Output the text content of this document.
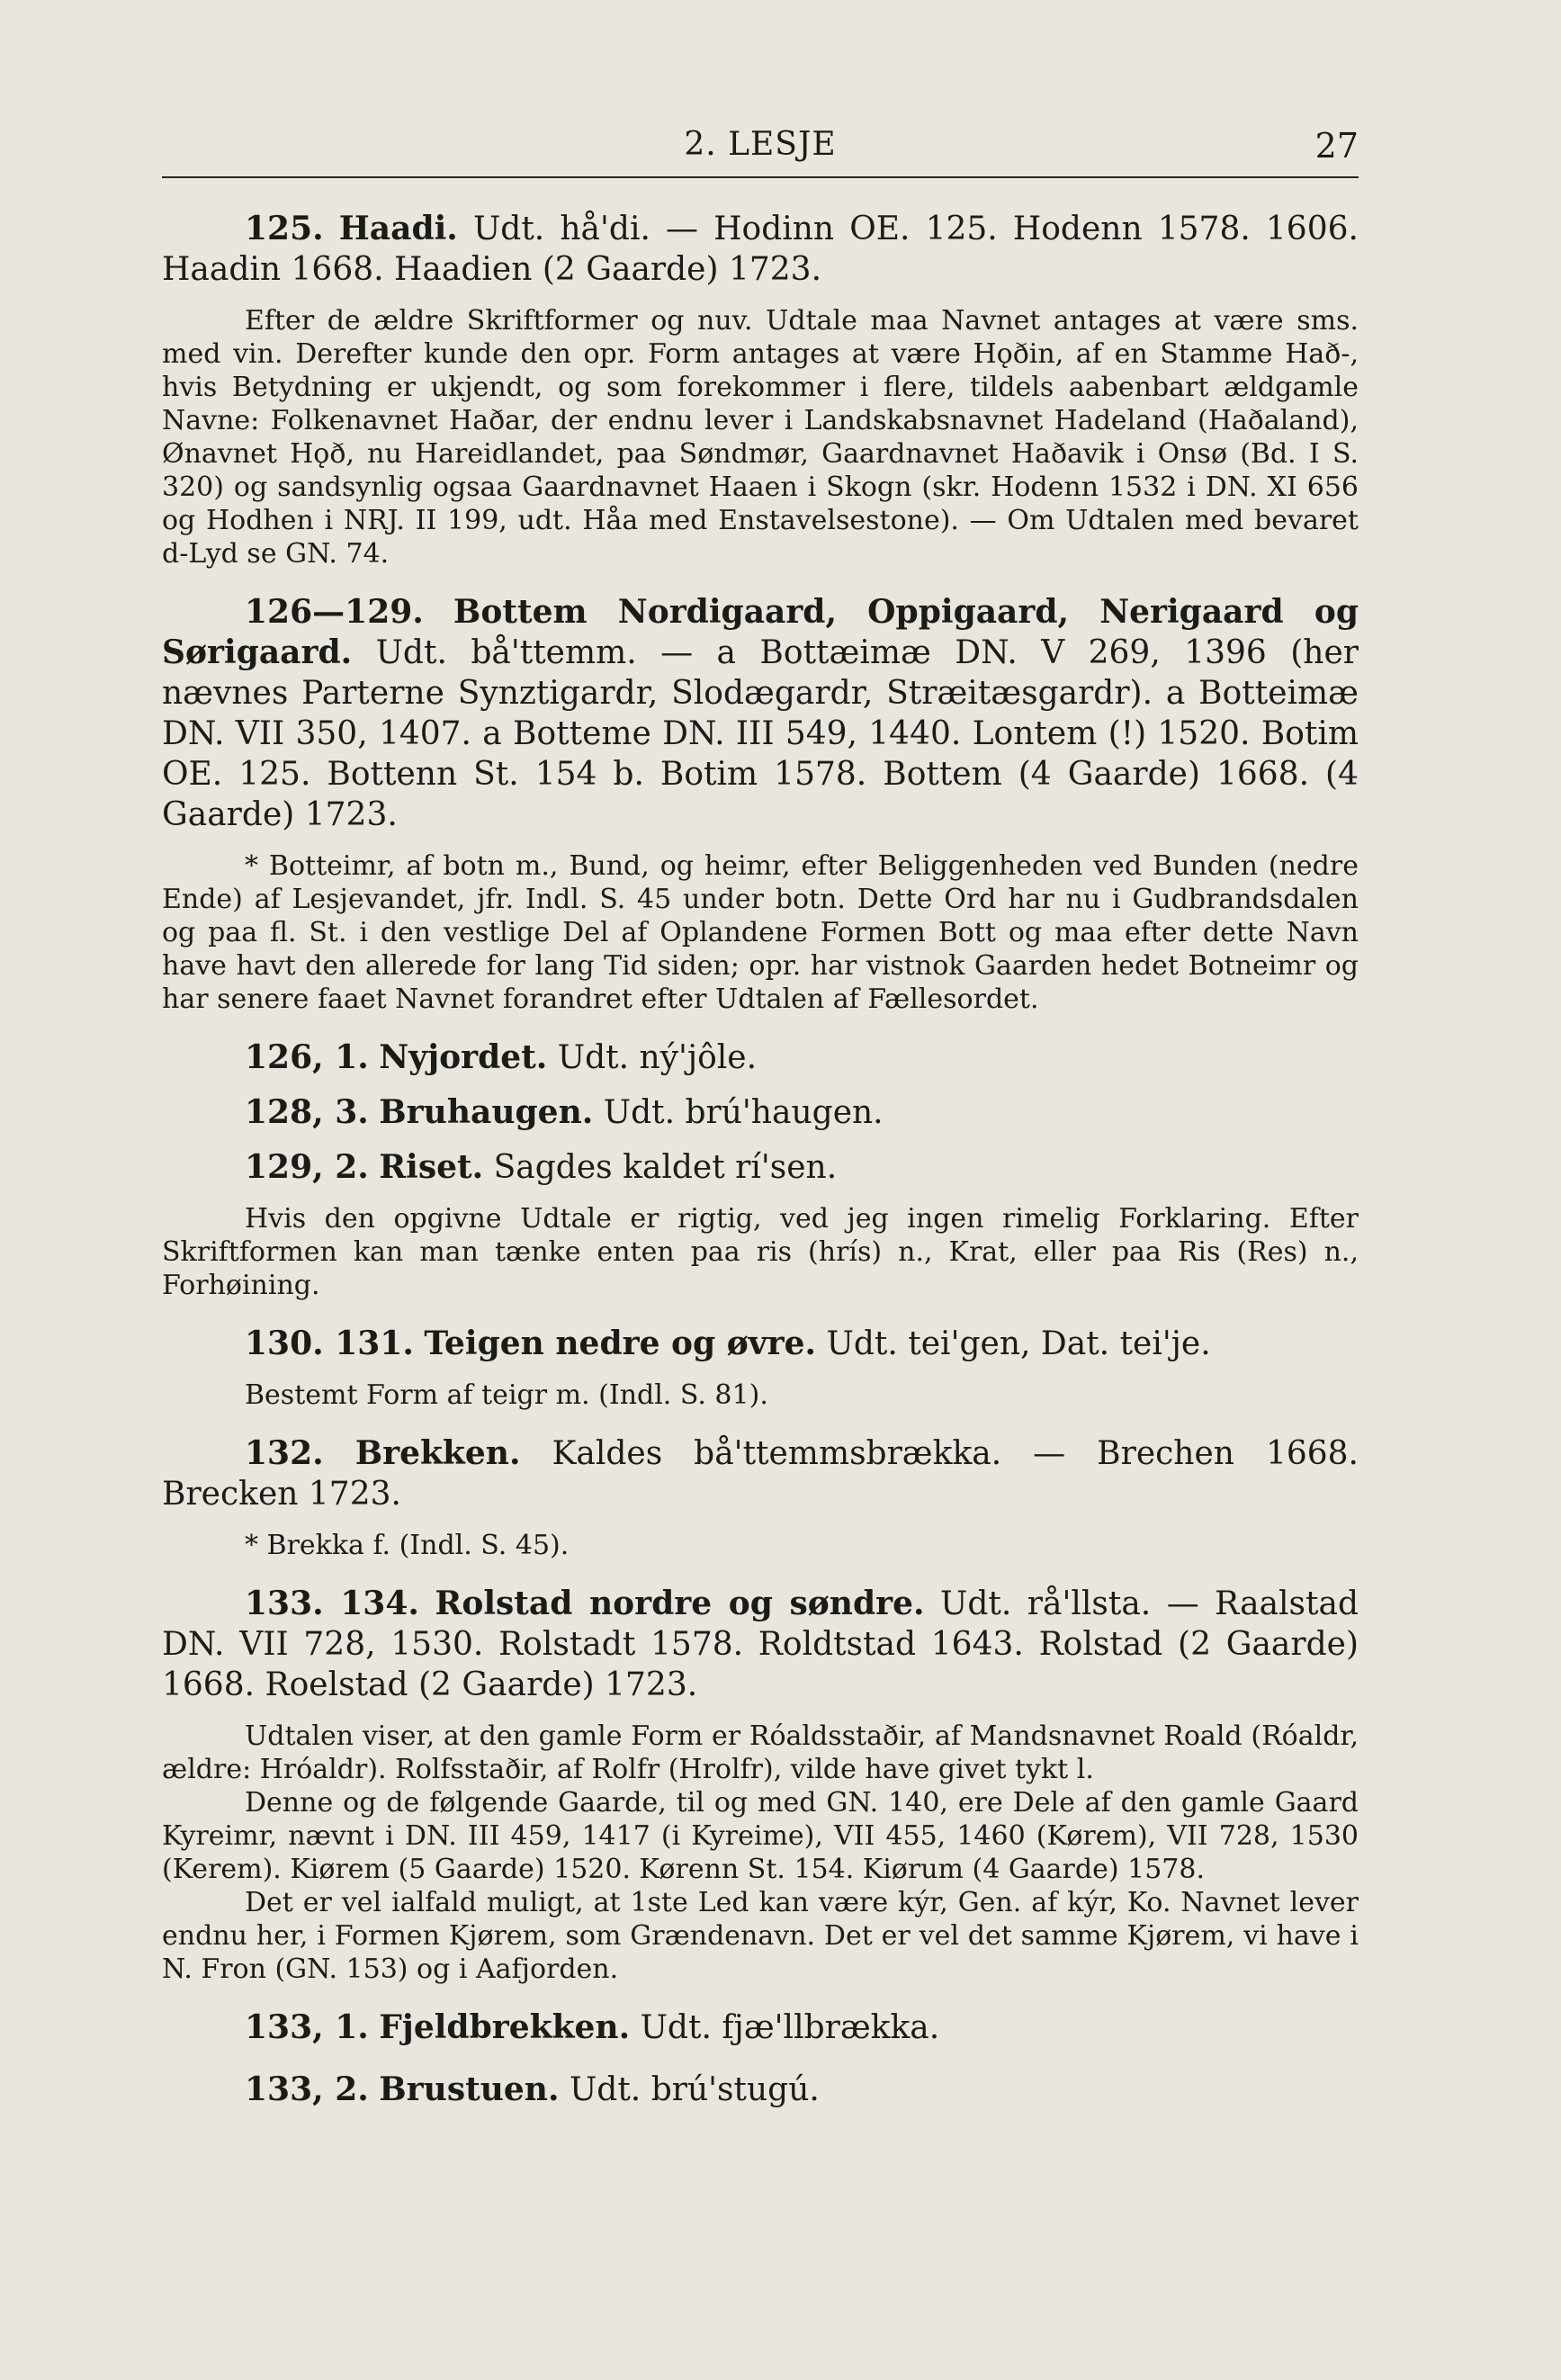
2. LESJE	27

125. Haadi. Udt. hå'di. — Hodinn OE. 125. Hodenn 1578. 1606. Haadin 1668. Haadien (2 Gaarde) 1723.

Efter de ældre Skriftformer og nuv. Udtale maa Navnet antages at være sms. med vin. Derefter kunde den opr. Form antages at være Hǫðin, af en Stamme Hað-, hvis Betydning er ukjendt, og som forekommer i flere, tildels aabenbart ældgamle Navne: Folkenavnet Haðar, der endnu lever i Landskabsnavnet Hadeland (Haðaland), Ønavnet Hǫð, nu Hareidlandet, paa Søndmør, Gaardnavnet Haðavik i Onsø (Bd. I S. 320) og sandsynlig ogsaa Gaardnavnet Haaen i Skogn (skr. Hodenn 1532 i DN. XI 656 og Hodhen i NRJ. II 199, udt. Håa med Enstavelsestone). — Om Udtalen med bevaret d-Lyd se GN. 74.

126—129. Bottem Nordigaard, Oppigaard, Nerigaard og Sørigaard. Udt. bå'ttemm. — a Bottæimæ DN. V 269, 1396 (her nævnes Parterne Synztigardr, Slodægardr, Stræitæsgardr). a Botteimæ DN. VII 350, 1407. a Botteme DN. III 549, 1440. Lontem (!) 1520. Botim OE. 125. Bottenn St. 154 b. Botim 1578. Bottem (4 Gaarde) 1668. (4 Gaarde) 1723.

* Botteimr, af botn m., Bund, og heimr, efter Beliggenheden ved Bunden (nedre Ende) af Lesjevandet, jfr. Indl. S. 45 under botn. Dette Ord har nu i Gudbrandsdalen og paa fl. St. i den vestlige Del af Oplandene Formen Bott og maa efter dette Navn have havt den allerede for lang Tid siden; opr. har vistnok Gaarden hedet Botneimr og har senere faaet Navnet forandret efter Udtalen af Fællesordet.

126, 1. Nyjordet. Udt. ný'jôle.

128, 3. Bruhaugen. Udt. brú'haugen.

129, 2. Riset. Sagdes kaldet rí'sen.

Hvis den opgivne Udtale er rigtig, ved jeg ingen rimelig Forklaring. Efter Skriftformen kan man tænke enten paa ris (hrís) n., Krat, eller paa Ris (Res) n., Forhøining.

130. 131. Teigen nedre og øvre. Udt. tei'gen, Dat. tei'je.

Bestemt Form af teigr m. (Indl. S. 81).

132. Brekken. Kaldes bå'ttemmsbrækka. — Brechen 1668. Brecken 1723.

* Brekka f. (Indl. S. 45).

133. 134. Rolstad nordre og søndre. Udt. rå'llsta. — Raalstad DN. VII 728, 1530. Rolstadt 1578. Roldtstad 1643. Rolstad (2 Gaarde) 1668. Roelstad (2 Gaarde) 1723.

Udtalen viser, at den gamle Form er Róaldsstaðir, af Mandsnavnet Roald (Róaldr, ældre: Hróaldr). Rolfsstaðir, af Rolfr (Hrolfr), vilde have givet tykt l.

Denne og de følgende Gaarde, til og med GN. 140, ere Dele af den gamle Gaard Kyreimr, nævnt i DN. III 459, 1417 (i Kyreime), VII 455, 1460 (Kørem), VII 728, 1530 (Kerem). Kiørem (5 Gaarde) 1520. Kørenn St. 154. Kiørum (4 Gaarde) 1578.

Det er vel ialfald muligt, at 1ste Led kan være kýr, Gen. af kýr, Ko. Navnet lever endnu her, i Formen Kjørem, som Grændenavn. Det er vel det samme Kjørem, vi have i N. Fron (GN. 153) og i Aafjorden.

133, 1. Fjeldbrekken. Udt. fjæ'llbrækka.

133, 2. Brustuen. Udt. brú'stugú.
